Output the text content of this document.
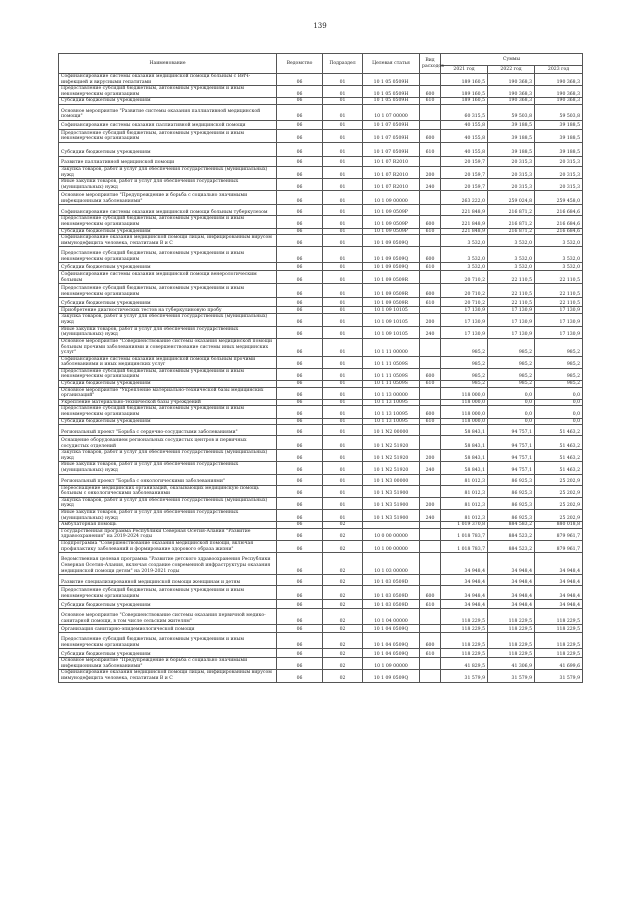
139
Наименование	Ведомство	Подраздел	Целевая статья	Вид расходов	Суммы		
					2021 год	2022 год	2023 год
Софинансирование системы оказания медицинской помощи больным с ВИЧ-инфекцией и вирусными гепатитами	06	01	10 1 05 0509Н		189 160,5	190 368,3	190 368,3
Предоставление субсидий бюджетным, автономным учреждениям и иным некоммерческим организациям	06	01	10 1 05 0509Н	600	189 160,5	190 368,3	190 368,3
Субсидии бюджетным учреждениям	06	01	10 1 05 0509Н	610	189 160,5	190 368,3	190 368,3
Основное мероприятие "Развитие системы оказания паллиативной медицинской помощи"	06	01	10 1 07 00000		60 315,5	59 503,8	59 503,8
Софинансирование системы оказания паллиативной медицинской помощи	06	01	10 1 07 0509Н		40 155,8	39 188,5	39 188,5
Предоставление субсидий бюджетным, автономным учреждениям и иным некоммерческим организациям	06	01	10 1 07 0509Н	600	40 155,8	39 188,5	39 188,5
Субсидии бюджетным учреждениям	06	01	10 1 07 0509Н	610	40 155,8	39 188,5	39 188,5
Развитие паллиативной медицинской помощи	06	01	10 1 07 R2010		20 159,7	20 315,3	20 315,3
Закупка товаров, работ и услуг для обеспечения государственных (муниципальных) нужд	06	01	10 1 07 R2010	200	20 159,7	20 315,3	20 315,3
Иные закупки товаров, работ и услуг для обеспечения государственных (муниципальных) нужд	06	01	10 1 07 R2010	240	20 159,7	20 315,3	20 315,3
Основное мероприятие "Предупреждение и борьба с социально значимыми инфекционными заболеваниями"	06	01	10 1 09 00000		263 222,0	259 024,8	259 458,0
Софинансирование системы оказания медицинской помощи больным туберкулезом	06	01	10 1 09 0509Р		221 848,9	216 871,2	216 684,6
Предоставление субсидий бюджетным, автономным учреждениям и иным некоммерческим организациям	06	01	10 1 09 0509Р	600	221 848,9	216 871,2	216 684,6
Субсидии бюджетным учреждениям	06	01	10 1 09 0509Р	610	221 848,9	216 871,2	216 684,6
Софинансирование оказания медицинской помощи лицам, инфицированным вирусом иммунодефицита человека, гепатитами В и С	06	01	10 1 09 0509Q		3 532,0	3 532,0	3 532,0
Предоставление субсидий бюджетным, автономным учреждениям и иным некоммерческим организациям	06	01	10 1 09 0509Q	600	3 532,0	3 532,0	3 532,0
Субсидии бюджетным учреждениям	06	01	10 1 09 0509Q	610	3 532,0	3 532,0	3 532,0
Софинансирование системы оказания медицинской помощи венерологическим больным	06	01	10 1 09 0509R		20 710,2	22 110,5	22 110,5
Предоставление субсидий бюджетным, автономным учреждениям и иным некоммерческим организациям	06	01	10 1 09 0509R	600	20 710,2	22 110,5	22 110,5
Субсидии бюджетным учреждениям	06	01	10 1 09 0509R	610	20 710,2	22 110,5	22 110,5
Приобретение диагностических тестов на туберкулиновую пробу	06	01	10 1 09 10105		17 130,9	17 130,9	17 130,9
Закупка товаров, работ и услуг для обеспечения государственных (муниципальных) нужд	06	01	10 1 09 10105	200	17 130,9	17 130,9	17 130,9
Иные закупки товаров, работ и услуг для обеспечения государственных (муниципальных) нужд	06	01	10 1 09 10105	240	17 130,9	17 130,9	17 130,9
Основное мероприятие "Совершенствование системы оказания медицинской помощи больным прочими заболеваниями и совершенствование системы иных медицинских услуг"	06	01	10 1 11 00000		985,2	985,2	985,2
Софинансирование системы оказания медицинской помощи больным прочими заболеваниями и иных медицинских услуг	06	01	10 1 11 0509S		985,2	985,2	985,2
Предоставление субсидий бюджетным, автономным учреждениям и иным некоммерческим организациям	06	01	10 1 11 0509S	600	985,2	985,2	985,2
Субсидии бюджетным учреждениям	06	01	10 1 11 0509S	610	985,2	985,2	985,2
Основное мероприятие "Укрепление материально-технической базы медицинских организаций"	06	01	10 1 13 00000		118 000,0	0,0	0,0
Укрепление материально-технической базы учреждений	06	01	10 1 13 10095		118 000,0	0,0	0,0
Предоставление субсидий бюджетным, автономным учреждениям и иным некоммерческим организациям	06	01	10 1 13 10095	600	118 000,0	0,0	0,0
Субсидии бюджетным учреждениям	06	01	10 1 13 10095	610	118 000,0	0,0	0,0
Региональный проект "Борьба с сердечно-сосудистыми заболеваниями"	06	01	10 1 N2 00000		58 843,1	94 757,1	51 463,2
Оснащение оборудованием региональных сосудистых центров и первичных сосудистых отделений	06	01	10 1 N2 51920		58 843,1	94 757,1	51 463,2
Закупка товаров, работ и услуг для обеспечения государственных (муниципальных) нужд	06	01	10 1 N2 51920	200	58 843,1	94 757,1	51 463,2
Иные закупки товаров, работ и услуг для обеспечения государственных (муниципальных) нужд	06	01	10 1 N2 51920	240	58 843,1	94 757,1	51 463,2
Региональный проект "Борьба с онкологическими заболеваниями"	06	01	10 1 N3 00000		81 012,3	86 925,3	25 202,9
Переоснащение медицинских организаций, оказывающих медицинскую помощь больным с онкологическими заболеваниями	06	01	10 1 N3 51900		81 012,3	86 925,3	25 202,9
Закупка товаров, работ и услуг для обеспечения государственных (муниципальных) нужд	06	01	10 1 N3 51900	200	81 012,3	86 925,3	25 202,9
Иные закупки товаров, работ и услуг для обеспечения государственных (муниципальных) нужд	06	01	10 1 N3 51900	240	81 012,3	86 925,3	25 202,9
Амбулаторная помощь	06	02			1 019 370,8	884 583,2	880 018,8
Государственная программа Республики Северная Осетия-Алания "Развитие здравоохранения" на 2019-2024 годы	06	02	10 0 00 00000		1 018 783,7	884 523,2	879 961,7
Подпрограмма "Совершенствование оказания медицинской помощи, включая профилактику заболеваний и формирование здорового образа жизни"	06	02	10 1 00 00000		1 018 783,7	884 523,2	879 961,7
Ведомственная целевая программа "Развитие детского здравоохранения Республики Северная Осетия-Алания, включая создание современной инфраструктуры оказания медицинской помощи детям" на 2019-2021 годы	06	02	10 1 03 00000		34 948,4	34 948,4	34 948,4
Развитие специализированной медицинской помощи женщинам и детям	06	02	10 1 03 0509D		34 948,4	34 948,4	34 948,4
Предоставление субсидий бюджетным, автономным учреждениям и иным некоммерческим организациям	06	02	10 1 03 0509D	600	34 948,4	34 948,4	34 948,4
Субсидии бюджетным учреждениям	06	02	10 1 03 0509D	610	34 948,4	34 948,4	34 948,4
Основное мероприятие "Совершенствование системы оказания первичной медико-санитарной помощи, в том числе сельским жителям"	06	02	10 1 04 00000		118 229,5	118 229,5	118 229,5
Организация санитарно-эпидемиологической помощи	06	02	10 1 04 0509Q		118 229,5	118 229,5	118 229,5
Предоставление субсидий бюджетным, автономным учреждениям и иным некоммерческим организациям	06	02	10 1 04 0509Q	600	118 229,5	118 229,5	118 229,5
Субсидии бюджетным учреждениям	06	02	10 1 04 0509Q	610	118 229,5	118 229,5	118 229,5
Основное мероприятие "Предупреждение и борьба с социально значимыми инфекционными заболеваниями"	06	02	10 1 09 00000		41 829,5	41 306,9	41 699,6
Софинансирование оказания медицинской помощи лицам, инфицированным вирусом иммунодефицита человека, гепатитами В и С	06	02	10 1 09 0509Q		31 579,9	31 579,9	31 579,9
